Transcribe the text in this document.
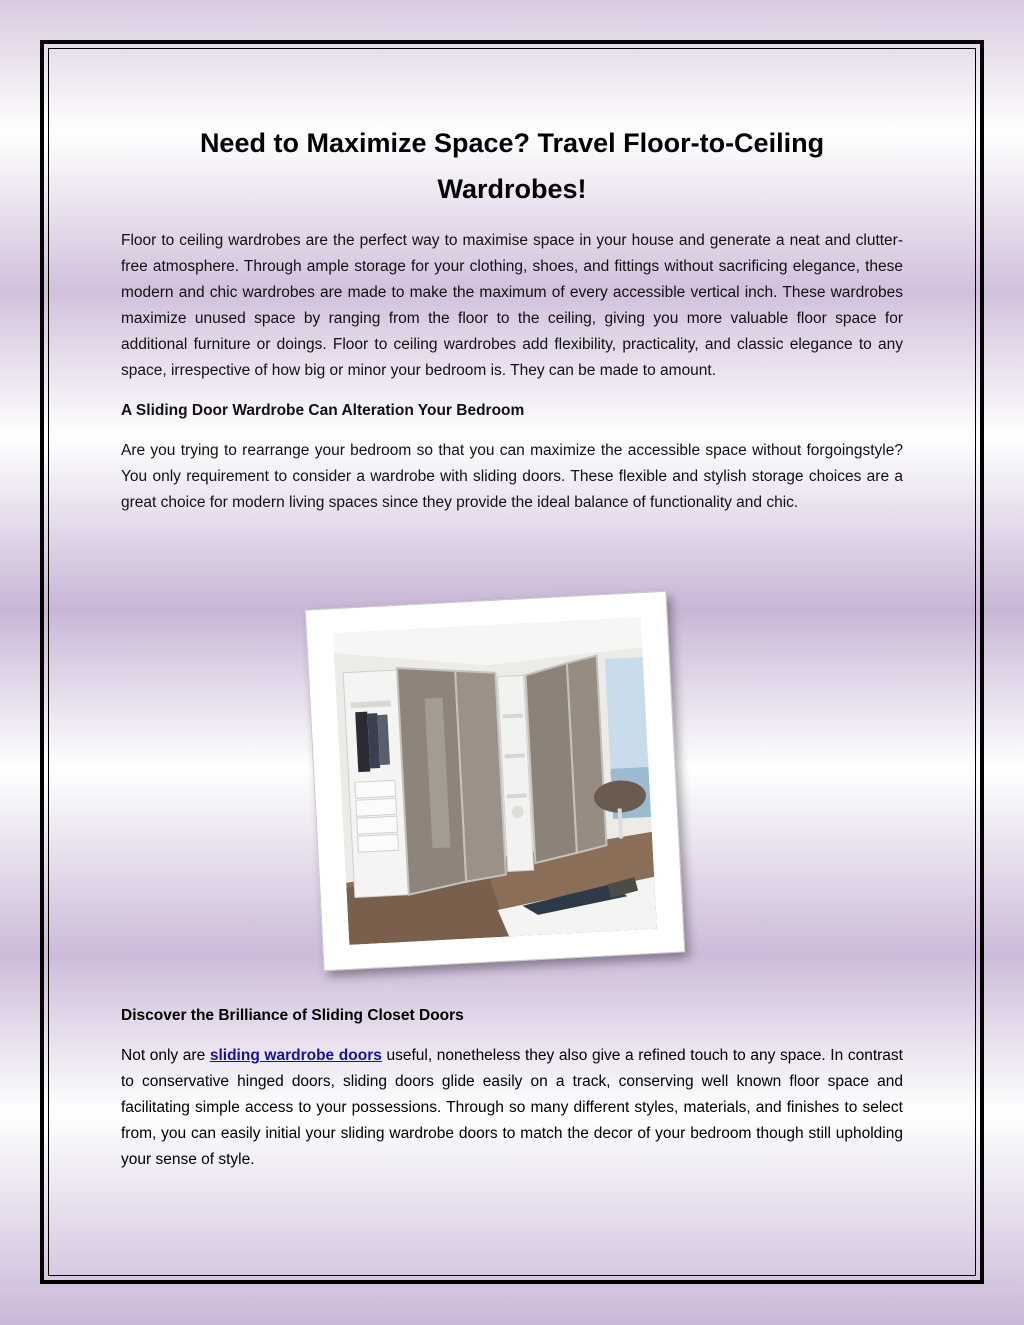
Need to Maximize Space? Travel Floor-to-Ceiling Wardrobes!

Floor to ceiling wardrobes are the perfect way to maximise space in your house and generate a neat and clutter-free atmosphere. Through ample storage for your clothing, shoes, and fittings without sacrificing elegance, these modern and chic wardrobes are made to make the maximum of every accessible vertical inch. These wardrobes maximize unused space by ranging from the floor to the ceiling, giving you more valuable floor space for additional furniture or doings. Floor to ceiling wardrobes add flexibility, practicality, and classic elegance to any space, irrespective of how big or minor your bedroom is. They can be made to amount.

A Sliding Door Wardrobe Can Alteration Your Bedroom

Are you trying to rearrange your bedroom so that you can maximize the accessible space without forgoingstyle? You only requirement to consider a wardrobe with sliding doors. These flexible and stylish storage choices are a great choice for modern living spaces since they provide the ideal balance of functionality and chic.

Discover the Brilliance of Sliding Closet Doors

Not only are sliding wardrobe doors useful, nonetheless they also give a refined touch to any space. In contrast to conservative hinged doors, sliding doors glide easily on a track, conserving well known floor space and facilitating simple access to your possessions. Through so many different styles, materials, and finishes to select from, you can easily initial your sliding wardrobe doors to match the decor of your bedroom though still upholding your sense of style.
